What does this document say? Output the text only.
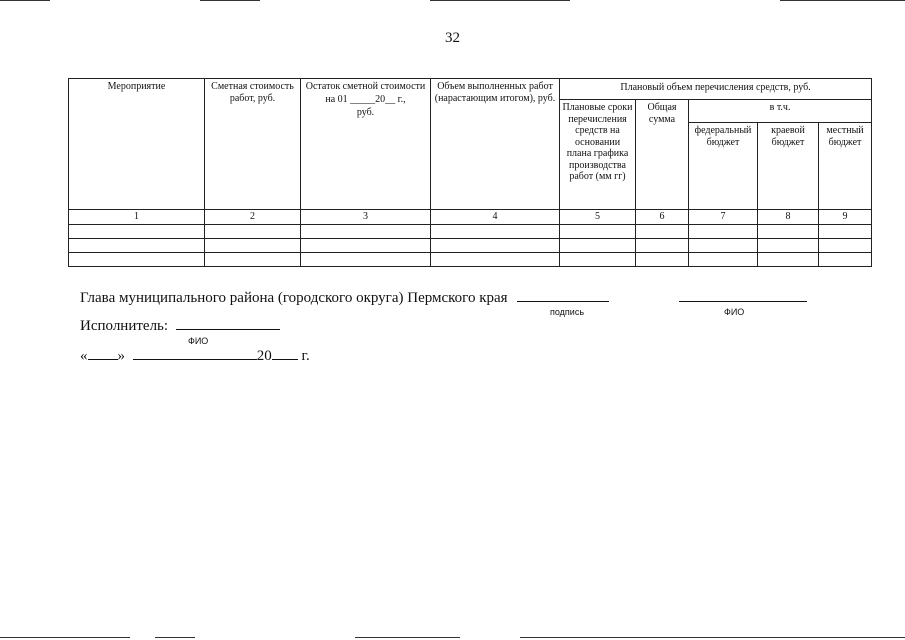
32
Мероприятие	Сметная стоимость работ, руб.	Остаток сметной стоимости
на 01 _____20__ г.,
руб.	Объем выполненных работ (нарастающим итогом), руб.	Плановый объем перечисления средств, руб.				
				Плановые сроки перечисления средств на основании плана графика производства работ (мм гг)	Общая сумма	в т.ч.		
						федеральный бюджет	краевой бюджет	местный бюджет
1	2	3	4	5	6	7	8	9

Глава муниципального района (городского округа) Пермского края
подпись	ФИО
Исполнитель:
ФИО
« »	20 г.
